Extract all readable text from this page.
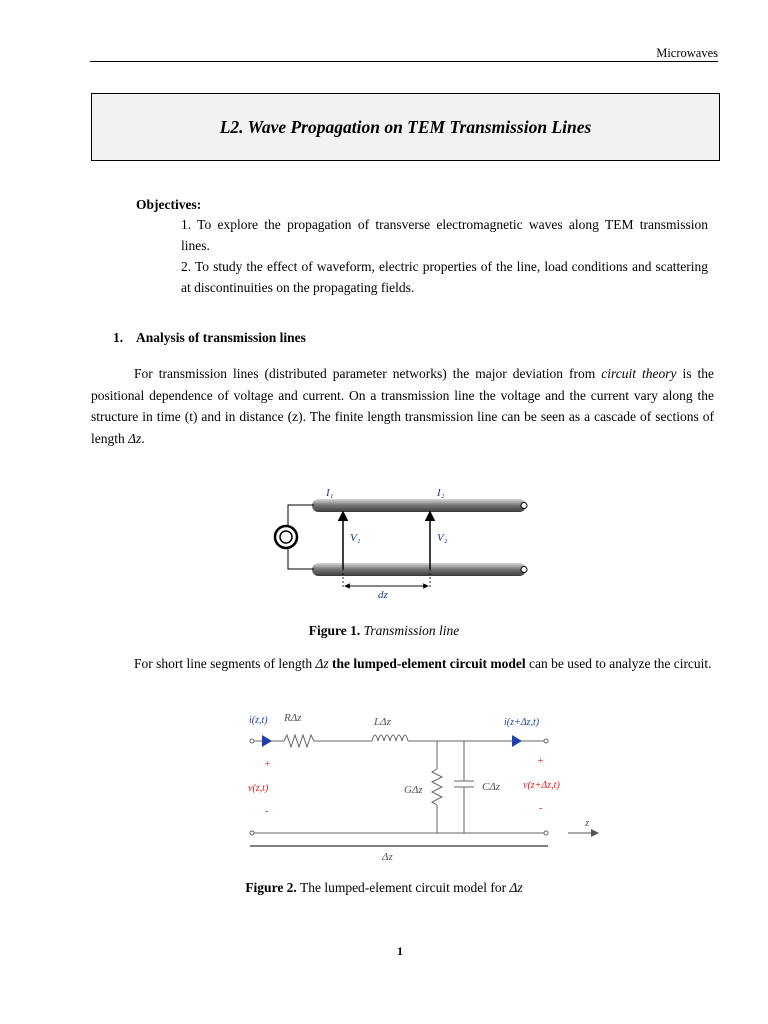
Microwaves
L2. Wave Propagation on TEM Transmission Lines
Objectives:
1. To explore the propagation of transverse electromagnetic waves along TEM transmission lines.
2. To study the effect of waveform, electric properties of the line, load conditions and scattering at discontinuities on the propagating fields.
1. Analysis of transmission lines
For transmission lines (distributed parameter networks) the major deviation from circuit theory is the positional dependence of voltage and current. On a transmission line the voltage and the current vary along the structure in time (t) and in distance (z). The finite length transmission line can be seen as a cascade of sections of length Δz.
I₁	I₂
V₁	V₂
dz
Figure 1. Transmission line
For short line segments of length Δz the lumped-element circuit model can be used to analyze the circuit.
i(z,t) RΔz	LΔz	i(z+Δz,t)
+
v(z,t)
-
GΔz	CΔz
+
v(z+Δz,t)
-
z
Δz
Figure 2. The lumped-element circuit model for Δz
1
